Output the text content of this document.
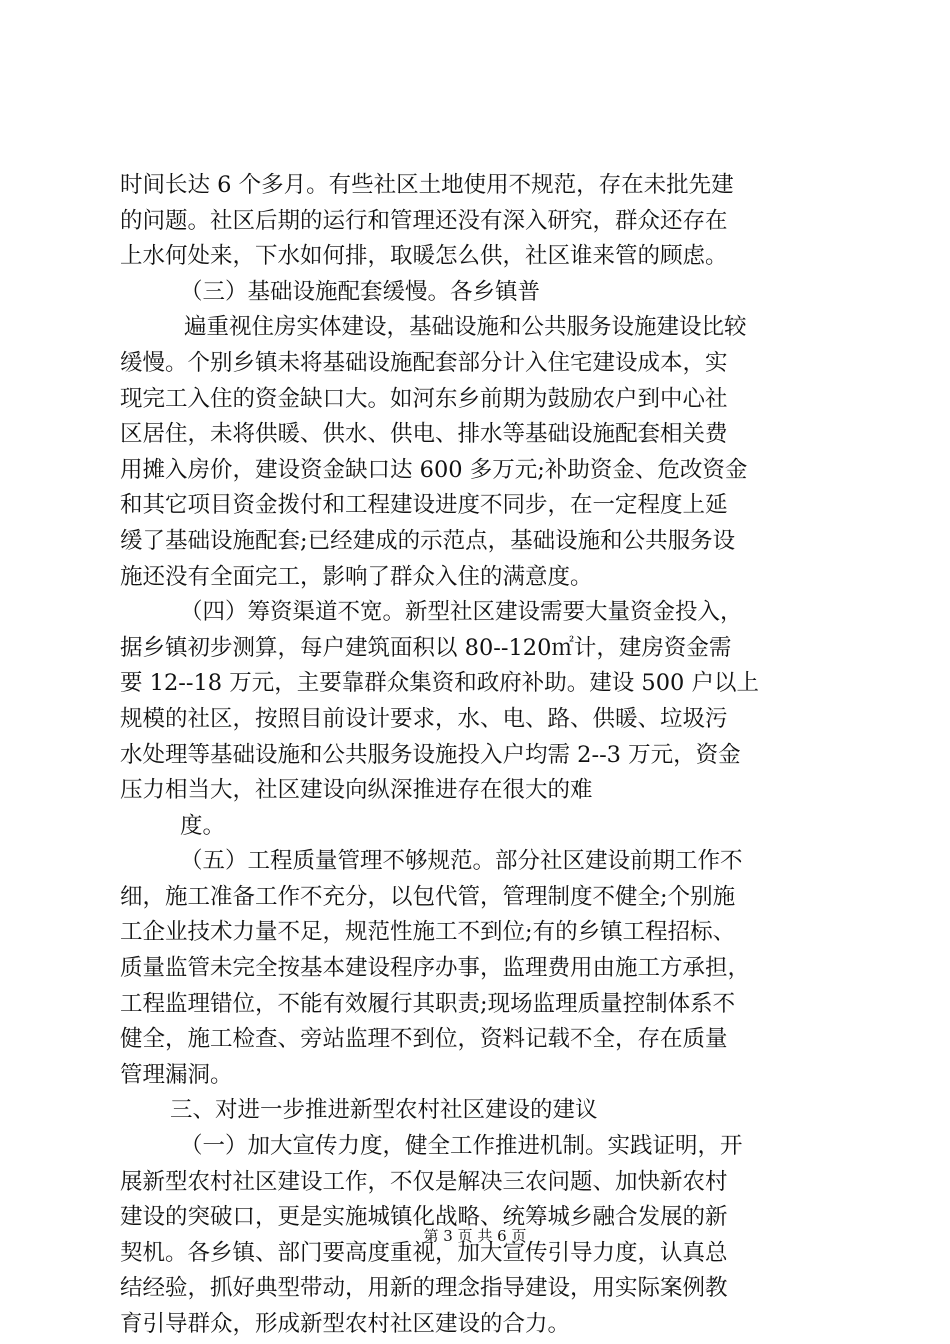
时间长达 6 个多月。有些社区土地使用不规范，存在未批先建
的问题。社区后期的运行和管理还没有深入研究，群众还存在
上水何处来，下水如何排，取暖怎么供，社区谁来管的顾虑。
（三）基础设施配套缓慢。各乡镇普
遍重视住房实体建设，基础设施和公共服务设施建设比较
缓慢。个别乡镇未将基础设施配套部分计入住宅建设成本，实
现完工入住的资金缺口大。如河东乡前期为鼓励农户到中心社
区居住，未将供暖、供水、供电、排水等基础设施配套相关费
用摊入房价，建设资金缺口达 600 多万元;补助资金、危改资金
和其它项目资金拨付和工程建设进度不同步，在一定程度上延
缓了基础设施配套;已经建成的示范点，基础设施和公共服务设
施还没有全面完工，影响了群众入住的满意度。
（四）筹资渠道不宽。新型社区建设需要大量资金投入，
据乡镇初步测算，每户建筑面积以 80--120㎡计，建房资金需
要 12--18 万元，主要靠群众集资和政府补助。建设 500 户以上
规模的社区，按照目前设计要求，水、电、路、供暖、垃圾污
水处理等基础设施和公共服务设施投入户均需 2--3 万元，资金
压力相当大，社区建设向纵深推进存在很大的难
度。
（五）工程质量管理不够规范。部分社区建设前期工作不
细，施工准备工作不充分，以包代管，管理制度不健全;个别施
工企业技术力量不足，规范性施工不到位;有的乡镇工程招标、
质量监管未完全按基本建设程序办事，监理费用由施工方承担，
工程监理错位，不能有效履行其职责;现场监理质量控制体系不
健全，施工检查、旁站监理不到位，资料记载不全，存在质量
管理漏洞。
三、对进一步推进新型农村社区建设的建议
（一）加大宣传力度，健全工作推进机制。实践证明，开
展新型农村社区建设工作，不仅是解决三农问题、加快新农村
建设的突破口，更是实施城镇化战略、统筹城乡融合发展的新
契机。各乡镇、部门要高度重视，加大宣传引导力度，认真总
结经验，抓好典型带动，用新的理念指导建设，用实际案例教
育引导群众，形成新型农村社区建设的合力。
第 3 页 共 6 页
